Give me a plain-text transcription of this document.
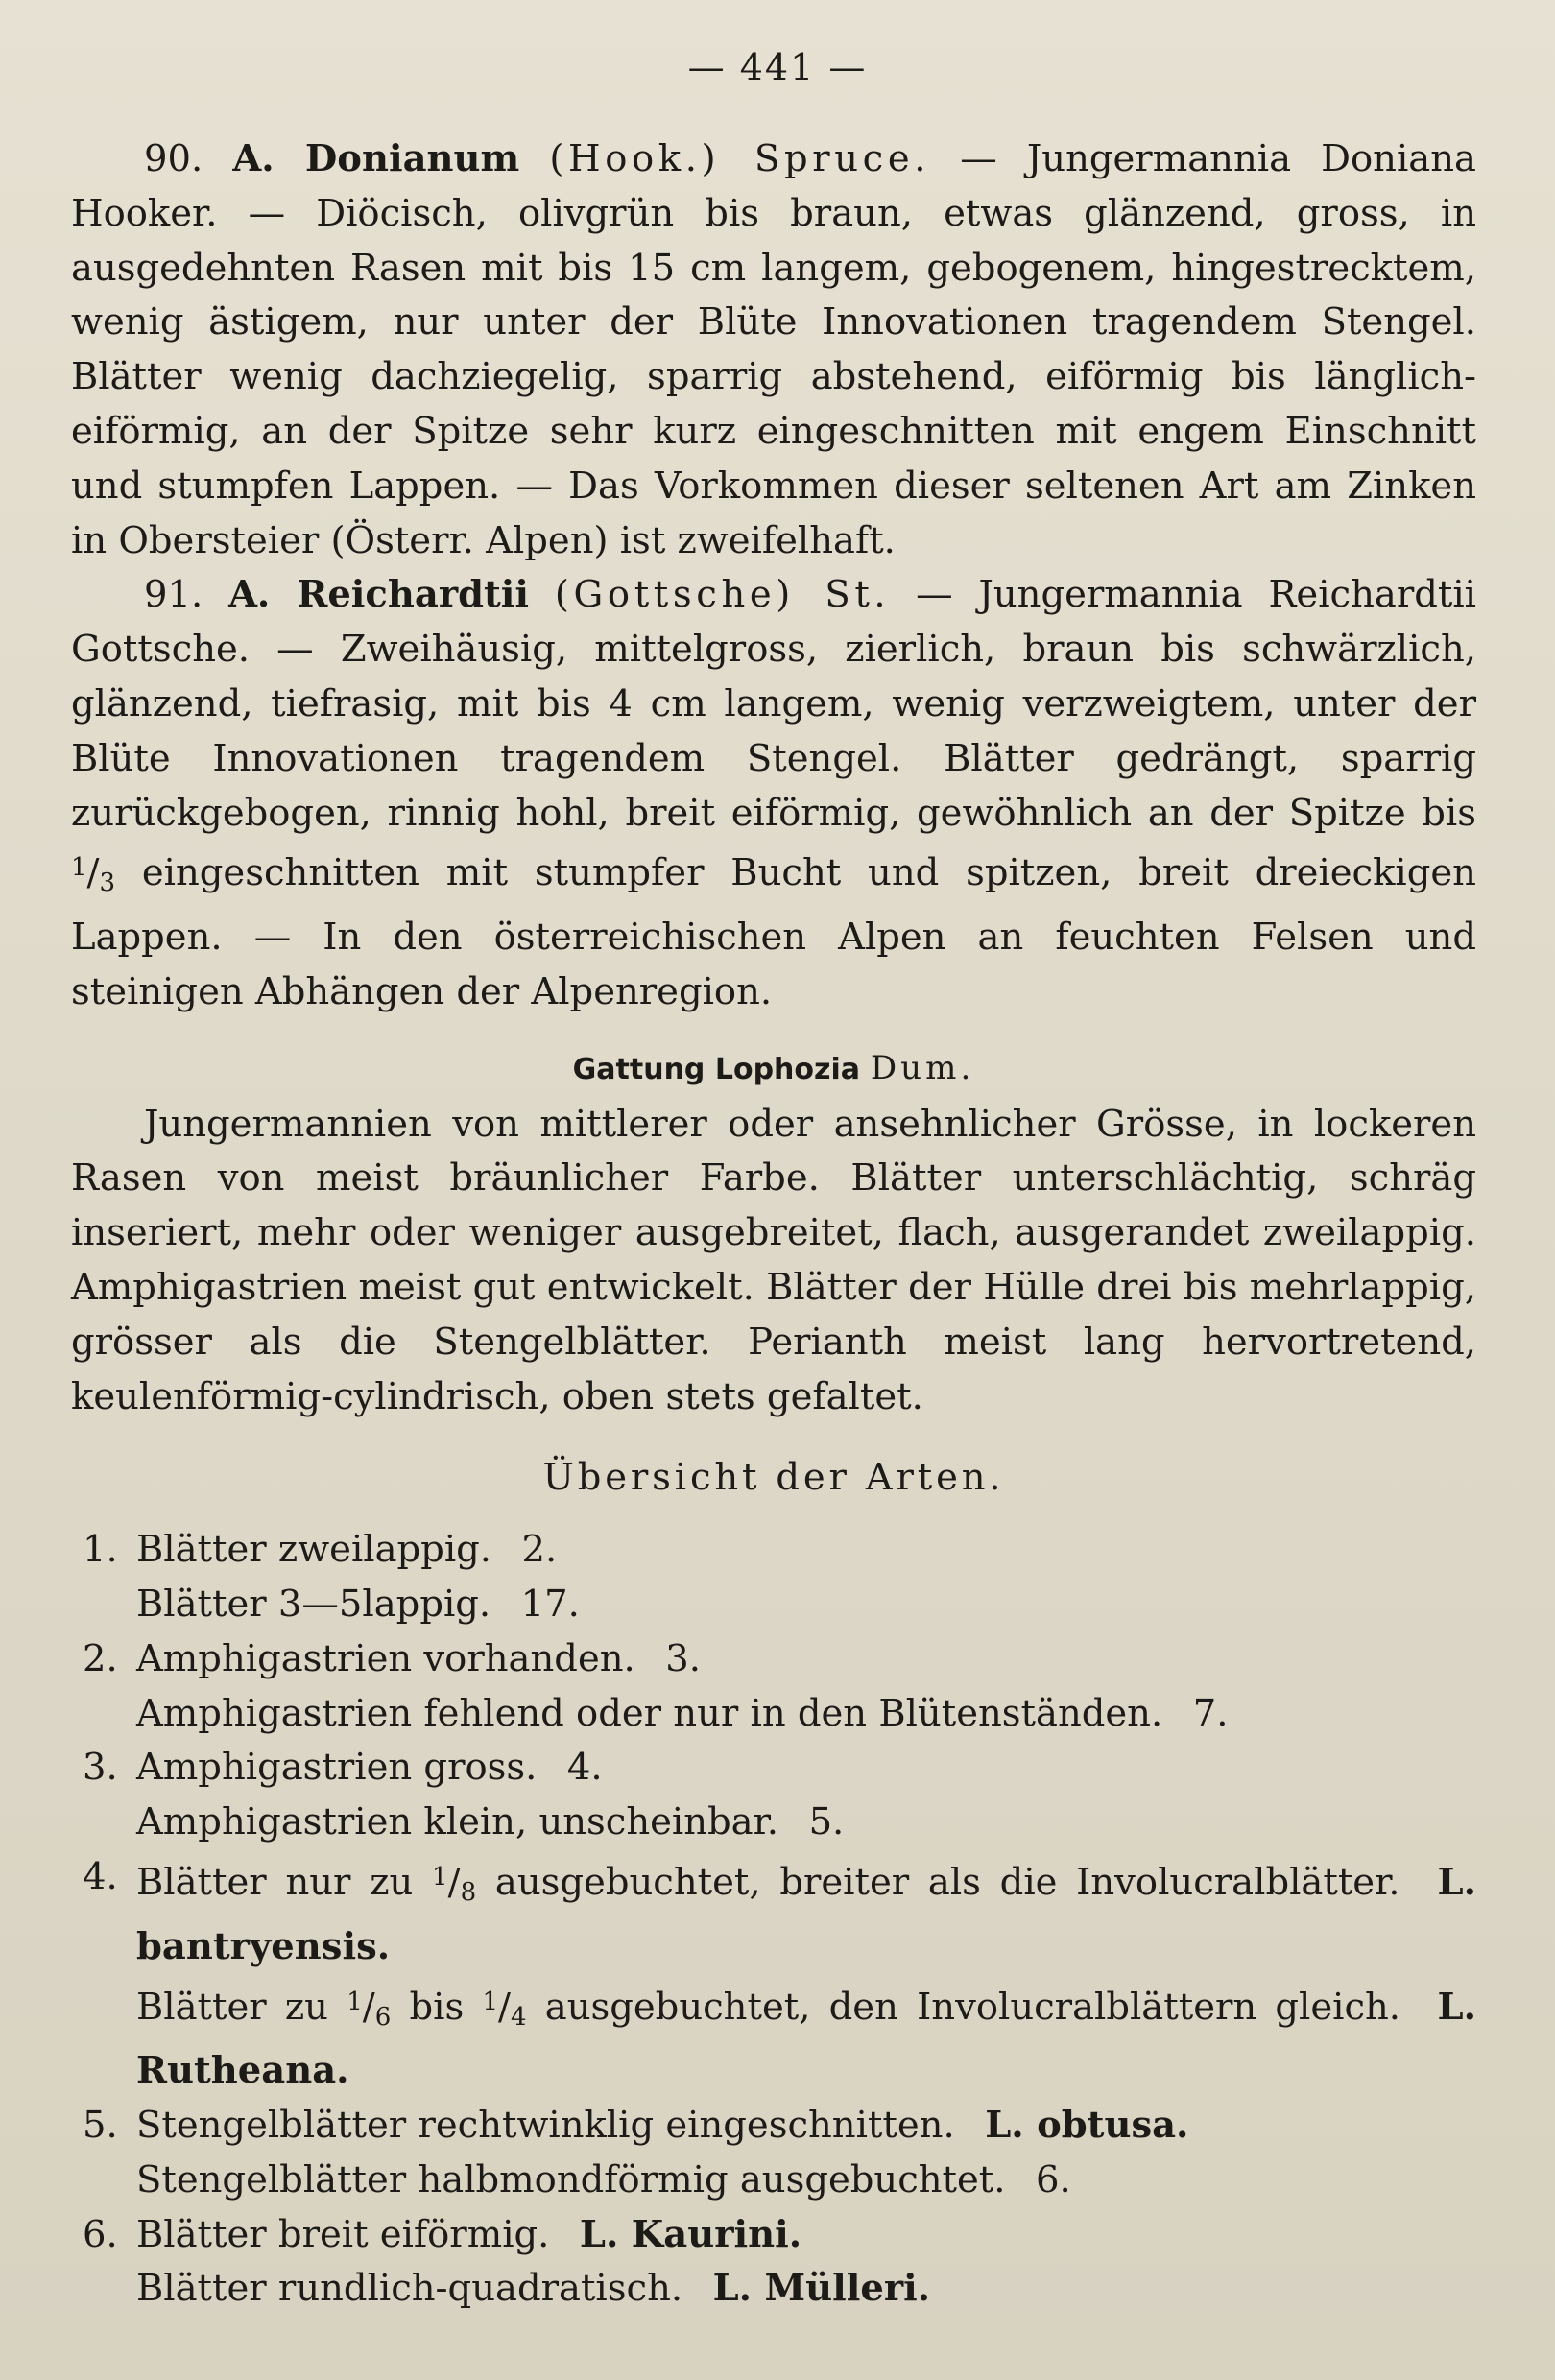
— 441 —

90. A. Donianum (Hook.) Spruce. — Jungermannia Doniana Hooker. — Diöcisch, olivgrün bis braun, etwas glänzend, gross, in ausgedehnten Rasen mit bis 15 cm langem, gebogenem, hingestrecktem, wenig ästigem, nur unter der Blüte Innovationen tragendem Stengel. Blätter wenig dachziegelig, sparrig abstehend, eiförmig bis länglich-eiförmig, an der Spitze sehr kurz eingeschnitten mit engem Einschnitt und stumpfen Lappen. — Das Vorkommen dieser seltenen Art am Zinken in Obersteier (Österr. Alpen) ist zweifelhaft.

91. A. Reichardtii (Gottsche) St. — Jungermannia Reichardtii Gottsche. — Zweihäusig, mittelgross, zierlich, braun bis schwärzlich, glänzend, tiefrasig, mit bis 4 cm langem, wenig verzweigtem, unter der Blüte Innovationen tragendem Stengel. Blätter gedrängt, sparrig zurückgebogen, rinnig hohl, breit eiförmig, gewöhnlich an der Spitze bis $^1$/3 eingeschnitten mit stumpfer Bucht und spitzen, breit dreieckigen Lappen. — In den österreichischen Alpen an feuchten Felsen und steinigen Abhängen der Alpenregion.

Gattung Lophozia Dum.

Jungermannien von mittlerer oder ansehnlicher Grösse, in lockeren Rasen von meist bräunlicher Farbe. Blätter unterschlächtig, schräg inseriert, mehr oder weniger ausgebreitet, flach, ausgerandet zweilappig. Amphigastrien meist gut entwickelt. Blätter der Hülle drei bis mehrlappig, grösser als die Stengelblätter. Perianth meist lang hervortretend, keulenförmig-cylindrisch, oben stets gefaltet.

Übersicht der Arten.
1. Blätter zweilappig.  2.
Blätter 3—5lappig.  17.
2. Amphigastrien vorhanden.  3.
Amphigastrien fehlend oder nur in den Blütenständen.  7.
3. Amphigastrien gross.  4.
Amphigastrien klein, unscheinbar.  5.
4. Blätter nur zu $^1$/8 ausgebuchtet, breiter als die Involucralblätter.  L. bantryensis.
Blätter zu $^1$/6 bis $^1$/4 ausgebuchtet, den Involucralblättern gleich.  L. Rutheana.
5. Stengelblätter rechtwinklig eingeschnitten.  L. obtusa.
Stengelblätter halbmondförmig ausgebuchtet.  6.
6. Blätter breit eiförmig.  L. Kaurini.
Blätter rundlich-quadratisch.  L. Mülleri.
